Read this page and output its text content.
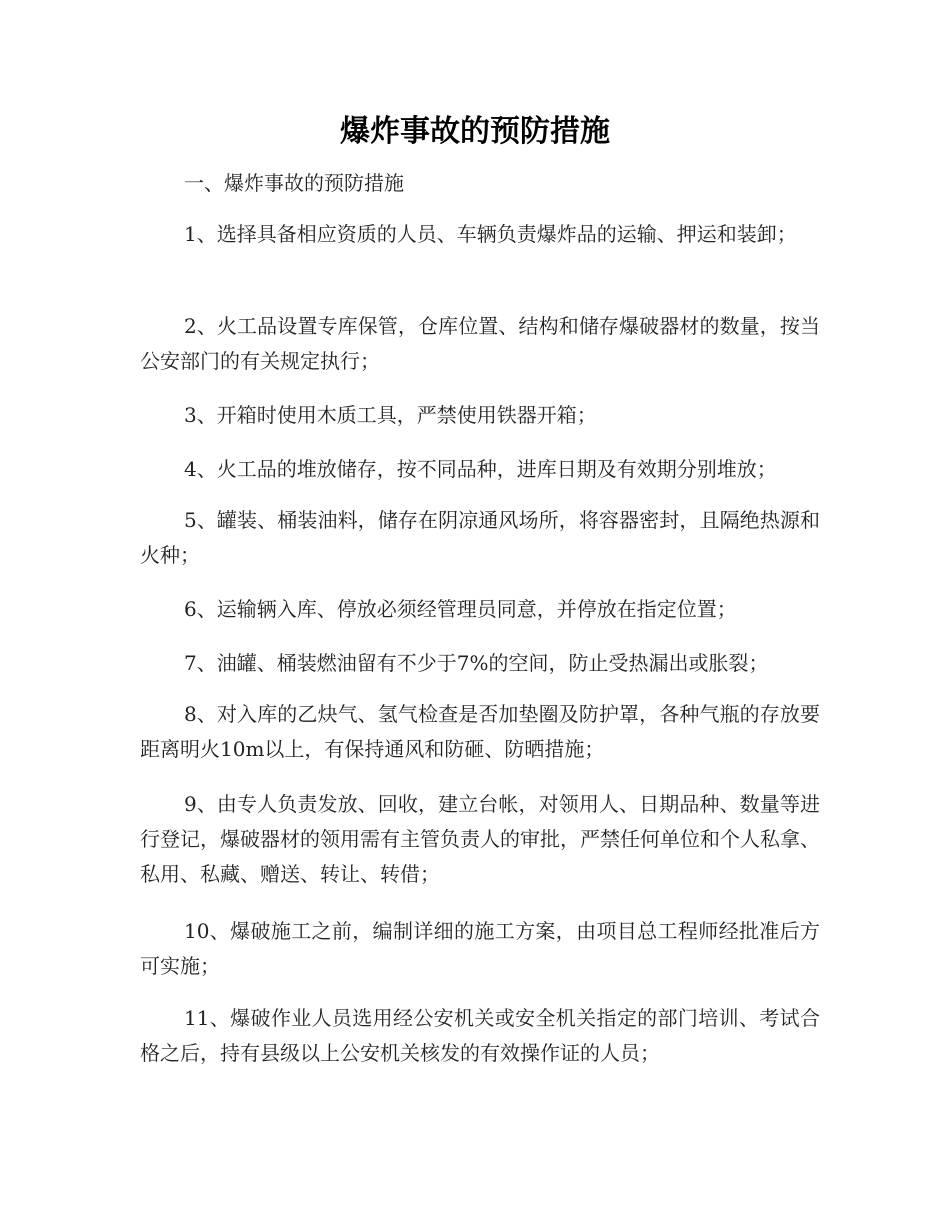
爆炸事故的预防措施

一、爆炸事故的预防措施

1、选择具备相应资质的人员、车辆负责爆炸品的运输、押运和装卸；

2、火工品设置专库保管，仓库位置、结构和储存爆破器材的数量，按当公安部门的有关规定执行；

3、开箱时使用木质工具，严禁使用铁器开箱；

4、火工品的堆放储存，按不同品种，进库日期及有效期分别堆放；

5、罐装、桶装油料，储存在阴凉通风场所，将容器密封，且隔绝热源和火种；

6、运输辆入库、停放必须经管理员同意，并停放在指定位置；

7、油罐、桶装燃油留有不少于7%的空间，防止受热漏出或胀裂；

8、对入库的乙炔气、氢气检查是否加垫圈及防护罩，各种气瓶的存放要距离明火10m以上，有保持通风和防砸、防晒措施；

9、由专人负责发放、回收，建立台帐，对领用人、日期品种、数量等进行登记，爆破器材的领用需有主管负责人的审批，严禁任何单位和个人私拿、私用、私藏、赠送、转让、转借；

10、爆破施工之前，编制详细的施工方案，由项目总工程师经批准后方可实施；

11、爆破作业人员选用经公安机关或安全机关指定的部门培训、考试合格之后，持有县级以上公安机关核发的有效操作证的人员；
